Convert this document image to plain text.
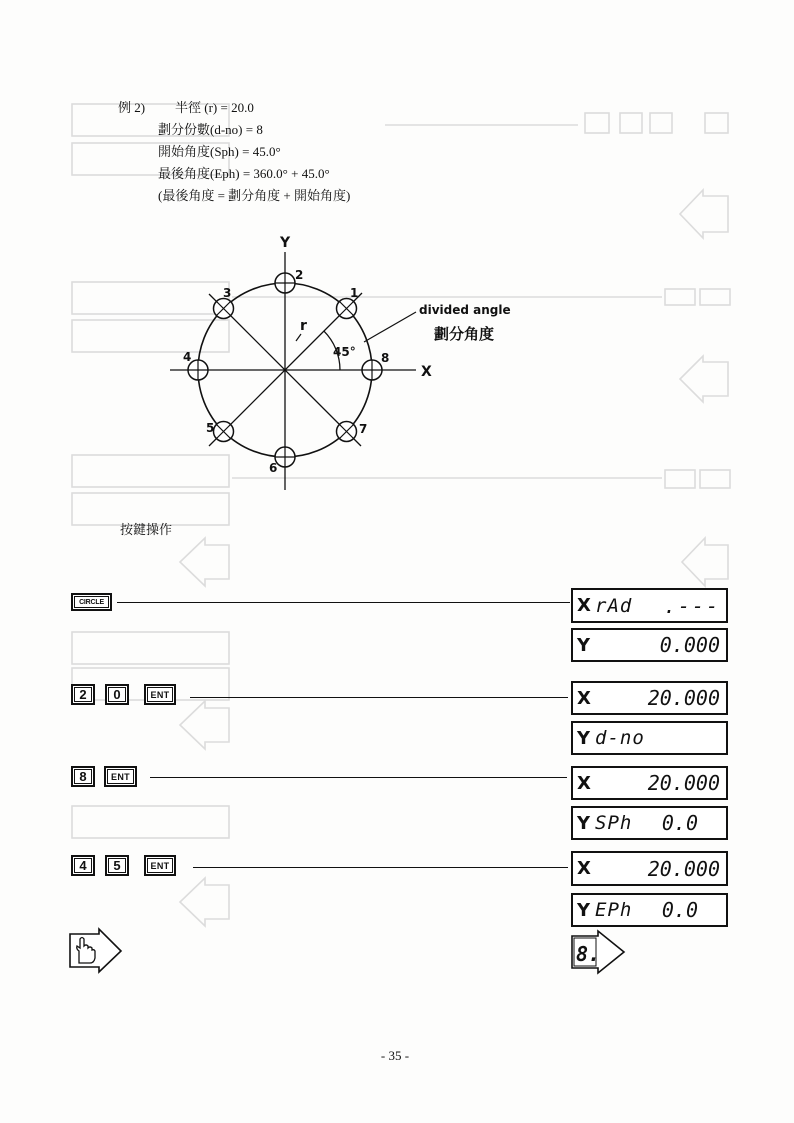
例 2) 半徑 (r) = 20.0
劃分份數(d-no) = 8
開始角度(Sph) = 45.0°
最後角度(Eph) = 360.0° + 45.0°
(最後角度 = 劃分角度 + 開始角度)
Y
X
45°
r
1
2
3
4
5
6
7
8
divided angle
劃分角度
按鍵操作
CIRCLE	X rAd .---
Y	0.000
2	0	ENT	X	20.000
Y d-no
8	ENT	X	20.000
Y SPh 0.0
4	5	ENT	X	20.000
Y EPh 0.0
8.
- 35 -
